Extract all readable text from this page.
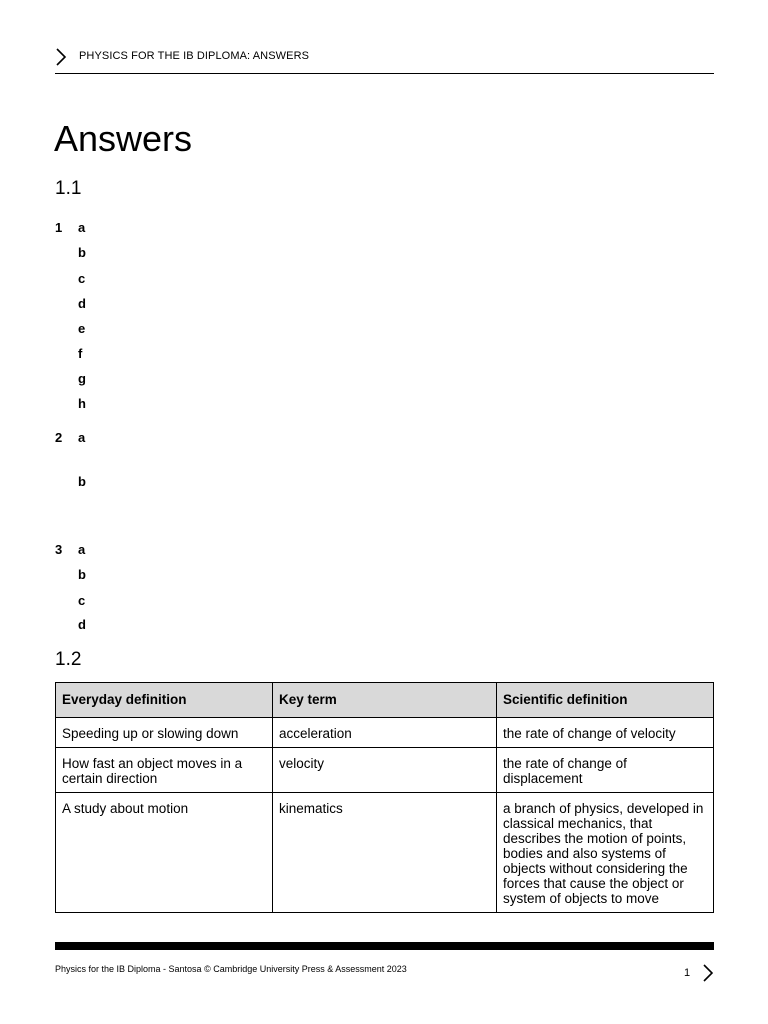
PHYSICS FOR THE IB DIPLOMA: ANSWERS
Answers
1.1
1 a
b
c
d
e
f
g
h
2 a
b
3 a
b
c
d
1.2
Everyday definition	Key term	Scientific definition
Speeding up or slowing down	acceleration	the rate of change of velocity
How fast an object moves in a certain direction	velocity	the rate of change of displacement
A study about motion	kinematics	a branch of physics, developed in classical mechanics, that describes the motion of points, bodies and also systems of objects without considering the forces that cause the object or system of objects to move
Physics for the IB Diploma - Santosa © Cambridge University Press & Assessment 2023	1
